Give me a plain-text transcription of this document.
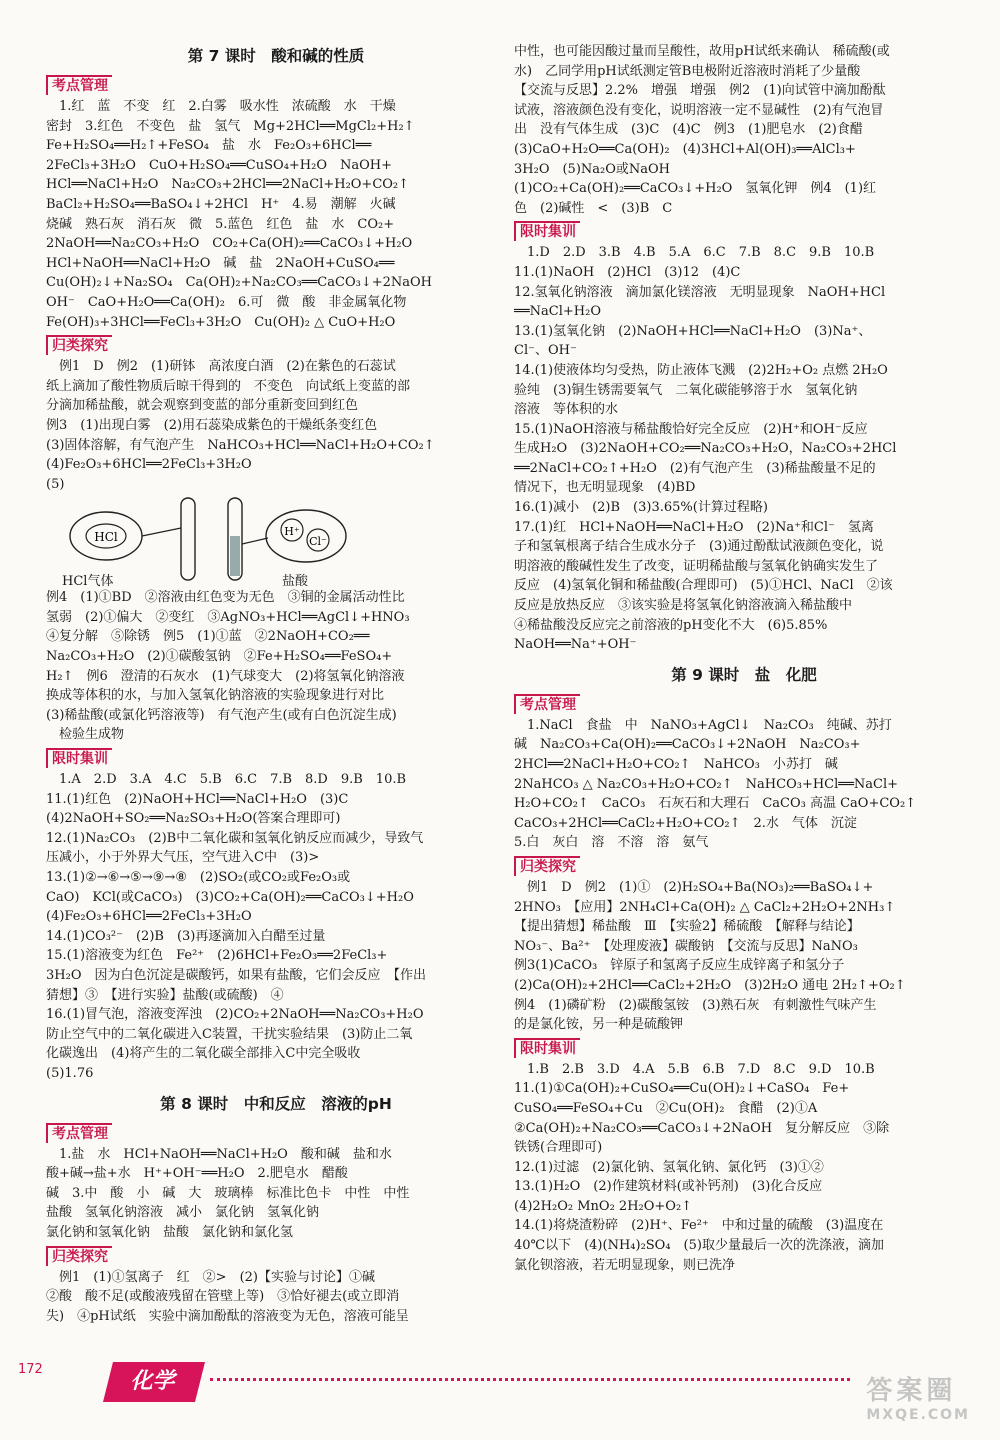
第 7 课时　酸和碱的性质
考点管理

　1.红　蓝　不变　红　2.白雾　吸水性　浓硫酸　水　干燥

密封　3.红色　不变色　盐　氢气　Mg+2HCl══MgCl₂+H₂↑

Fe+H₂SO₄══H₂↑+FeSO₄　盐　水　Fe₂O₃+6HCl══

2FeCl₃+3H₂O　CuO+H₂SO₄══CuSO₄+H₂O　NaOH+

HCl══NaCl+H₂O　Na₂CO₃+2HCl══2NaCl+H₂O+CO₂↑

BaCl₂+H₂SO₄══BaSO₄↓+2HCl　H⁺　4.易　潮解　火碱

烧碱　熟石灰　消石灰　微　5.蓝色　红色　盐　水　CO₂+

2NaOH══Na₂CO₃+H₂O　CO₂+Ca(OH)₂══CaCO₃↓+H₂O

HCl+NaOH══NaCl+H₂O　碱　盐　2NaOH+CuSO₄══

Cu(OH)₂↓+Na₂SO₄　Ca(OH)₂+Na₂CO₃══CaCO₃↓+2NaOH

OH⁻　CaO+H₂O══Ca(OH)₂　6.可　微　酸　非金属氧化物

Fe(OH)₃+3HCl══FeCl₃+3H₂O　Cu(OH)₂ △ CuO+H₂O

归类探究

　例1　D　例2　(1)研钵　高浓度白酒　(2)在紫色的石蕊试

纸上滴加了酸性物质后晾干得到的　不变色　向试纸上变蓝的部

分滴加稀盐酸，就会观察到变蓝的部分重新变回到红色

例3　(1)出现白雾　(2)用石蕊染成紫色的干燥纸条变红色

(3)固体溶解，有气泡产生　NaHCO₃+HCl══NaCl+H₂O+CO₂↑

(4)Fe₂O₃+6HCl══2FeCl₃+3H₂O

(5)

HCl	H⁺
Cl⁻
HCl气体	盐酸

例4　(1)①BD　②溶液由红色变为无色　③铜的金属活动性比

氢弱　(2)①偏大　②变红　③AgNO₃+HCl══AgCl↓+HNO₃

④复分解　⑤除锈　例5　(1)①蓝　②2NaOH+CO₂══

Na₂CO₃+H₂O　(2)①碳酸氢钠　②Fe+H₂SO₄══FeSO₄+

H₂↑　例6　澄清的石灰水　(1)气球变大　(2)将氢氧化钠溶液

换成等体积的水，与加入氢氧化钠溶液的实验现象进行对比

(3)稀盐酸(或氯化钙溶液等)　有气泡产生(或有白色沉淀生成)

　检验生成物

限时集训

　1.A　2.D　3.A　4.C　5.B　6.C　7.B　8.D　9.B　10.B

11.(1)红色　(2)NaOH+HCl══NaCl+H₂O　(3)C

(4)2NaOH+SO₂══Na₂SO₃+H₂O(答案合理即可)

12.(1)Na₂CO₃　(2)B中二氧化碳和氢氧化钠反应而减少，导致气

压减小，小于外界大气压，空气进入C中　(3)>

13.(1)②→⑥→⑤→⑨→⑧　(2)SO₂(或CO₂或Fe₂O₃或

CaO)　KCl(或CaCO₃)　(3)CO₂+Ca(OH)₂══CaCO₃↓+H₂O

(4)Fe₂O₃+6HCl══2FeCl₃+3H₂O

14.(1)CO₃²⁻　(2)B　(3)再逐滴加入白醋至过量

15.(1)溶液变为红色　Fe²⁺　(2)6HCl+Fe₂O₃══2FeCl₃+

3H₂O　因为白色沉淀是碳酸钙，如果有盐酸，它们会反应　【作出

猜想】③　【进行实验】盐酸(或硫酸)　④

16.(1)冒气泡，溶液变浑浊　(2)CO₂+2NaOH══Na₂CO₃+H₂O

防止空气中的二氧化碳进入C装置，干扰实验结果　(3)防止二氧

化碳逸出　(4)将产生的二氧化碳全部排入C中完全吸收

(5)1.76

第 8 课时　中和反应　溶液的pH
考点管理

　1.盐　水　HCl+NaOH══NaCl+H₂O　酸和碱　盐和水

酸+碱→盐+水　H⁺+OH⁻══H₂O　2.肥皂水　醋酸

碱　3.中　酸　小　碱　大　玻璃棒　标准比色卡　中性　中性

盐酸　氢氧化钠溶液　减小　氯化钠　氢氧化钠

氯化钠和氢氧化钠　盐酸　氯化钠和氯化氢

归类探究

　例1　(1)①氢离子　红　②>　(2)【实验与讨论】①碱

②酸　酸不足(或酸液残留在管壁上等)　③恰好褪去(或立即消

失)　④pH试纸　实验中滴加酚酞的溶液变为无色，溶液可能呈

中性，也可能因酸过量而呈酸性，故用pH试纸来确认　稀硫酸(或

水)　乙同学用pH试纸测定管B电极附近溶液时消耗了少量酸

【交流与反思】2.2%　增强　增强　例2　(1)向试管中滴加酚酞

试液，溶液颜色没有变化，说明溶液一定不显碱性　(2)有气泡冒

出　没有气体生成　(3)C　(4)C　例3　(1)肥皂水　(2)食醋

(3)CaO+H₂O══Ca(OH)₂　(4)3HCl+Al(OH)₃══AlCl₃+

3H₂O　(5)Na₂O或NaOH

(1)CO₂+Ca(OH)₂══CaCO₃↓+H₂O　氢氧化钾　例4　(1)红

色　(2)碱性　<　(3)B　C

限时集训

　1.D　2.D　3.B　4.B　5.A　6.C　7.B　8.C　9.B　10.B

11.(1)NaOH　(2)HCl　(3)12　(4)C

12.氢氧化钠溶液　滴加氯化镁溶液　无明显现象　NaOH+HCl

══NaCl+H₂O

13.(1)氢氧化钠　(2)NaOH+HCl══NaCl+H₂O　(3)Na⁺、

Cl⁻、OH⁻

14.(1)使液体均匀受热，防止液体飞溅　(2)2H₂+O₂ 点燃 2H₂O

验纯　(3)铜生锈需要氧气　二氧化碳能够溶于水　氢氧化钠

溶液　等体积的水

15.(1)NaOH溶液与稀盐酸恰好完全反应　(2)H⁺和OH⁻反应

生成H₂O　(3)2NaOH+CO₂══Na₂CO₃+H₂O，Na₂CO₃+2HCl

══2NaCl+CO₂↑+H₂O　(2)有气泡产生　(3)稀盐酸量不足的

情况下，也无明显现象　(4)BD

16.(1)减小　(2)B　(3)3.65%(计算过程略)

17.(1)红　HCl+NaOH══NaCl+H₂O　(2)Na⁺和Cl⁻　氢离

子和氢氧根离子结合生成水分子　(3)通过酚酞试液颜色变化，说

明溶液的酸碱性发生了改变，证明稀盐酸与氢氧化钠确实发生了

反应　(4)氢氧化铜和稀盐酸(合理即可)　(5)①HCl、NaCl　②该

反应是放热反应　③该实验是将氢氧化钠溶液滴入稀盐酸中

④稀盐酸没反应完之前溶液的pH变化不大　(6)5.85%

NaOH══Na⁺+OH⁻

第 9 课时　盐　化肥
考点管理

　1.NaCl　食盐　中　NaNO₃+AgCl↓　Na₂CO₃　纯碱、苏打

碱　Na₂CO₃+Ca(OH)₂══CaCO₃↓+2NaOH　Na₂CO₃+

2HCl══2NaCl+H₂O+CO₂↑　NaHCO₃　小苏打　碱

2NaHCO₃ △ Na₂CO₃+H₂O+CO₂↑　NaHCO₃+HCl══NaCl+

H₂O+CO₂↑　CaCO₃　石灰石和大理石　CaCO₃ 高温 CaO+CO₂↑

CaCO₃+2HCl══CaCl₂+H₂O+CO₂↑　2.水　气体　沉淀

5.白　灰白　溶　不溶　溶　氨气

归类探究

　例1　D　例2　(1)①　(2)H₂SO₄+Ba(NO₃)₂══BaSO₄↓+

2HNO₃　【应用】2NH₄Cl+Ca(OH)₂ △ CaCl₂+2H₂O+2NH₃↑

【提出猜想】稀盐酸　Ⅲ　【实验2】稀硫酸　【解释与结论】

NO₃⁻、Ba²⁺　【处理废液】碳酸钠　【交流与反思】NaNO₃

例3(1)CaCO₃　锌原子和氢离子反应生成锌离子和氢分子

(2)Ca(OH)₂+2HCl══CaCl₂+2H₂O　(3)2H₂O 通电 2H₂↑+O₂↑

例4　(1)磷矿粉　(2)碳酸氢铵　(3)熟石灰　有刺激性气味产生

的是氯化铵，另一种是硫酸钾

限时集训

　1.B　2.B　3.D　4.A　5.B　6.B　7.D　8.C　9.D　10.B

11.(1)①Ca(OH)₂+CuSO₄══Cu(OH)₂↓+CaSO₄　Fe+

CuSO₄══FeSO₄+Cu　②Cu(OH)₂　食醋　(2)①A

②Ca(OH)₂+Na₂CO₃══CaCO₃↓+2NaOH　复分解反应　③除

铁锈(合理即可)

12.(1)过滤　(2)氯化钠、氢氧化钠、氯化钙　(3)①②

13.(1)H₂O　(2)作建筑材料(或补钙剂)　(3)化合反应

(4)2H₂O₂ MnO₂ 2H₂O+O₂↑

14.(1)将烧渣粉碎　(2)H⁺、Fe²⁺　中和过量的硫酸　(3)温度在

40℃以下　(4)(NH₄)₂SO₄　(5)取少量最后一次的洗涤液，滴加

氯化钡溶液，若无明显现象，则已洗净

172	化学	答案圈
MXQE.COM
